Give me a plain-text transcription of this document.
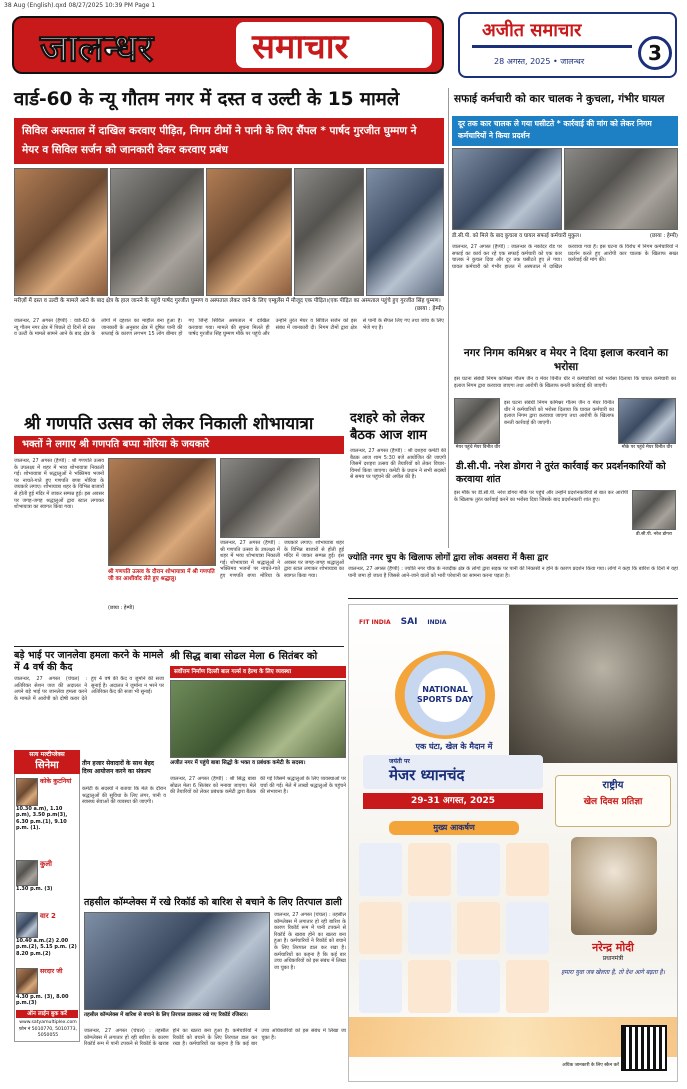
38 Aug (English).qxd 08/27/2025 10:39 PM Page 1
जालन्धर	समाचार	अजीत समाचार
28 अगस्त, 2025 • जालन्धर	3
वार्ड-60 के न्यू गौतम नगर में दस्त व उल्टी के 15 मामले
सिविल अस्पताल में दाखिल करवाए पीड़ित, निगम टीमों ने पानी के लिए सैंपल * पार्षद गुरजीत घुम्मण ने मेयर व सिविल सर्जन को जानकारी देकर करवाए प्रबंध
मरीज़ों में दस्त व उल्टी के मामले आने के बाद क्षेत्र के हाल जानने के पहुंचे पार्षद गुरजीत घुम्मण व अस्पताल लेकर जाने के लिए एम्बुलेंस में मौजूद एक पीड़ित।(एक पीड़ित का अस्पताल पहुंचे हुए गुरजीत सिंह घुम्मण।
(छाया : हेम्पी)
जालन्धर, 27 अगस्त (हैप्पी) : वार्ड-60 के न्यू गौतम नगर क्षेत्र में पिछले दो दिनों से दस्त व उल्टी के मामले सामने आने के बाद क्षेत्र के लोगों में दहशत का माहौल बना हुआ है। जानकारी के अनुसार क्षेत्र में दूषित पानी की सप्लाई के कारण लगभग 15 लोग बीमार हो गए जिन्हें सिविल अस्पताल में दाखिल करवाया गया। मामले की सूचना मिलते ही पार्षद गुरजीत सिंह घुम्मण मौके पर पहुंचे और उन्होंने तुरंत मेयर व सिविल सर्जन को इस संबंध में जानकारी दी। निगम टीमों द्वारा क्षेत्र से पानी के सैंपल लिए गए तथा जांच के लिए भेजे गए हैं।
सफाई कर्मचारी को कार चालक ने कुचला, गंभीर घायल
दूर तक कार चालक ले गया घसीटते * कार्रवाई की मांग को लेकर निगम कर्मचारियों ने किया प्रदर्शन
डी.सी.पी. को मिले के बाद कुचला व घायल सफाई कर्मचारी मुकुल।	(छाया : हेम्पी)
जालन्धर, 27 अगस्त (हैप्पी) : जालन्धर के नकोदर रोड पर सफाई का कार्य कर रहे एक सफाई कर्मचारी को एक कार चालक ने कुचल दिया और दूर तक घसीटते हुए ले गया। घायल कर्मचारी को गंभीर हालत में अस्पताल में दाखिल करवाया गया है। इस घटना के विरोध में निगम कर्मचारियों ने प्रदर्शन करते हुए आरोपी कार चालक के खिलाफ सख्त कार्रवाई की मांग की।
नगर निगम कमिश्नर व मेयर ने दिया इलाज करवाने का भरोसा
इस घटना संबंधी निगम कमिश्नर गौतम जैन व मेयर विनीत धीर ने कर्मचारियों को भरोसा दिलाया कि घायल कर्मचारी का इलाज निगम द्वारा करवाया जाएगा तथा आरोपी के खिलाफ बनती कार्रवाई की जाएगी।
मेयर पहुंचे मेयर विनीत धीर
इस घटना संबंधी निगम कमिश्नर गौतम जैन व मेयर विनीत धीर ने कर्मचारियों को भरोसा दिलाया कि घायल कर्मचारी का इलाज निगम द्वारा करवाया जाएगा तथा आरोपी के खिलाफ बनती कार्रवाई की जाएगी।
मौके पर पहुंचे मेयर विनीत धीर
डी.सी.पी. नरेश डोगरा ने तुरंत कार्रवाई कर प्रदर्शनकारियों को करवाया शांत
इस मौके पर डी.सी.पी. नरेश डोगरा मौके पर पहुंचे और उन्होंने प्रदर्शनकारियों से बात कर आरोपी के खिलाफ तुरंत कार्रवाई करने का भरोसा दिया जिसके बाद प्रदर्शनकारी शांत हुए।
डी.सी.पी. नरेश डोगरा
श्री गणपति उत्सव को लेकर निकाली शोभायात्रा
भक्तों ने लगाए श्री गणपति बप्पा मोरिया के जयकारे
जालन्धर, 27 अगस्त (हैप्पी) : श्री गणपति उत्सव के उपलक्ष्य में शहर में भव्य शोभायात्रा निकाली गई। शोभायात्रा में श्रद्धालुओं ने भक्तिमय भजनों पर नाचते-गाते हुए गणपति बप्पा मोरिया के जयकारे लगाए। शोभायात्रा शहर के विभिन्न बाजारों से होती हुई मंदिर में जाकर सम्पन्न हुई। इस अवसर पर जगह-जगह श्रद्धालुओं द्वारा स्टाल लगाकर शोभायात्रा का स्वागत किया गया।
श्री गणपति उत्सव के दौरान शोभायात्रा में श्री गणपति जी का आशीर्वाद लेते हुए श्रद्धालु।
(छाया : हेम्पी)
जालन्धर, 27 अगस्त (हैप्पी) : श्री गणपति उत्सव के उपलक्ष्य में शहर में भव्य शोभायात्रा निकाली गई। शोभायात्रा में श्रद्धालुओं ने भक्तिमय भजनों पर नाचते-गाते हुए गणपति बप्पा मोरिया के जयकारे लगाए। शोभायात्रा शहर के विभिन्न बाजारों से होती हुई मंदिर में जाकर सम्पन्न हुई। इस अवसर पर जगह-जगह श्रद्धालुओं द्वारा स्टाल लगाकर शोभायात्रा का स्वागत किया गया।
दशहरे को लेकर बैठक आज शाम
जालन्धर, 27 अगस्त (हैप्पी) : श्री दशहरा कमेटी की बैठक आज शाम 5:30 बजे आयोजित की जाएगी जिसमें दशहरा उत्सव की तैयारियों को लेकर विचार-विमर्श किया जाएगा। कमेटी के प्रधान ने सभी सदस्यों से समय पर पहुंचने की अपील की है।
ज्योति नगर चुप के खिलाफ लोगों द्वारा लोक अवसरा में कैसा द्वार
जालन्धर, 27 अगस्त (हैप्पी) : ज्योति नगर चौक के नजदीक क्षेत्र के लोगों द्वारा सड़क पर पानी की निकासी न होने के कारण प्रदर्शन किया गया। लोगों ने कहा कि बारिश के दिनों में यहां पानी जमा हो जाता है जिससे आने-जाने वालों को भारी परेशानी का सामना करना पड़ता है।
बड़े भाई पर जानलेवा हमला करने के मामले में 4 वर्ष की कैद
जालन्धर, 27 अगस्त (चंचल) : अतिरिक्त सेशन जज की अदालत ने अपने बड़े भाई पर जानलेवा हमला करने के मामले में आरोपी को दोषी करार देते हुए 4 वर्ष की कैद व जुर्माने की सजा सुनाई है। अदालत ने जुर्माना न भरने पर अतिरिक्त कैद की सजा भी सुनाई।
श्री सिद्ध बाबा सोढल मेला 6 सितंबर को
सर्वोत्तम निर्माण दिल्ली बाल गर्ल्स व हेल्थ के लिए व्यवस्था
अजीत नगर में पहुंचे बाबा सिद्धो के भक्त व प्रबंधक कमेटी के सदस्य।
जालन्धर, 27 अगस्त (हैप्पी) : श्री सिद्ध बाबा सोढल मेला 6 सितंबर को मनाया जाएगा। मेले की तैयारियों को लेकर प्रबंधक कमेटी द्वारा बैठक की गई जिसमें श्रद्धालुओं के लिए व्यवस्थाओं पर चर्चा की गई। मेले में लाखों श्रद्धालुओं के पहुंचने की संभावना है।
तीन हजार सेवादारों के साथ बेहद दिव्य आयोजन करने का संकल्प
कमेटी के सदस्यों ने बताया कि मेले के दौरान श्रद्धालुओं की सुविधा के लिए लंगर, पानी व स्वास्थ्य सेवाओं की व्यवस्था की जाएगी।
सत्य मल्टीप्लेक्स
सिनेमा
कोके कुटनियां
10.30 a.m), 1.10 p.m), 3.50 p.m(3), 6.30 p.m.(1), 9.10 p.m. (1).
कुली
1.30 p.m. (3)
वार 2
10.40 a.m.(2) 2.00 p.m.(2), 5.15 p.m. (2) 8.20 p.m.(2)
सरदार जी
4.30 p.m. (3), 8.00 p.m.(3)
ऑन लाईन बुक करें
www.satyamultiplex.com
फ़ोन नं 5010770, 5010773, 5050055
तहसील कॉम्प्लेक्स में रखे रिकॉर्ड को बारिश से बचाने के लिए तिरपाल डाली
तहसील कॉम्प्लेक्स में बारिश से बचाने के लिए तिरपाल डालकर रखे गए रिकॉर्ड रजिस्टर।
जालन्धर, 27 अगस्त (चंचल) : तहसील कॉम्प्लेक्स में लगातार हो रही बारिश के कारण रिकॉर्ड रूम में पानी टपकने से रिकॉर्ड के खराब होने का खतरा बना हुआ है। कर्मचारियों ने रिकॉर्ड को बचाने के लिए तिरपाल डाल कर रखा है। कर्मचारियों का कहना है कि कई बार उच्च अधिकारियों को इस संबंध में लिखा जा चुका है।
जालन्धर, 27 अगस्त (चंचल) : तहसील कॉम्प्लेक्स में लगातार हो रही बारिश के कारण रिकॉर्ड रूम में पानी टपकने से रिकॉर्ड के खराब होने का खतरा बना हुआ है। कर्मचारियों ने रिकॉर्ड को बचाने के लिए तिरपाल डाल कर रखा है। कर्मचारियों का कहना है कि कई बार उच्च अधिकारियों को इस संबंध में लिखा जा चुका है।
FIT INDIA SAI INDIA
NATIONAL SPORTS DAY
एक घंटा, खेल के मैदान में
जयंती पर
मेजर ध्यानचंद
29-31 अगस्त, 2025
मुख्य आकर्षण
राष्ट्रीय
खेल दिवस प्रतिज्ञा
नरेन्द्र मोदी
प्रधानमंत्री
हमारा युवा जब खेलता है, तो देश आगे बढ़ता है।
अधिक जानकारी के लिए स्कैन करें
